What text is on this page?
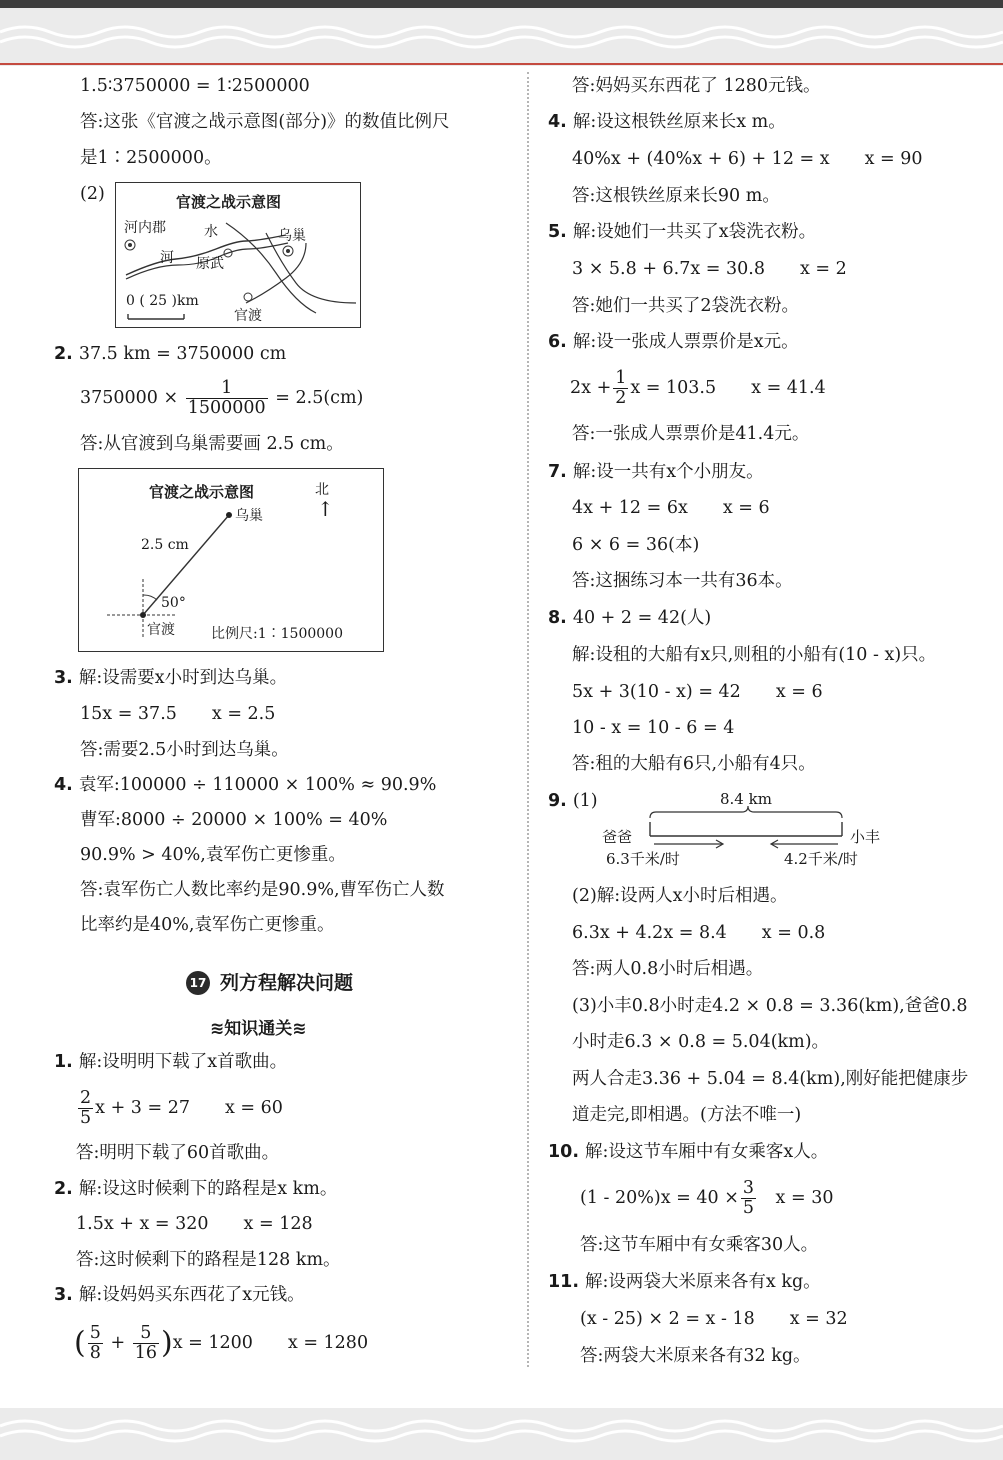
1.5∶3750000 = 1∶2500000
答:这张《官渡之战示意图(部分)》的数值比例尺
是1∶2500000。
(2)	官渡之战示意图
河内郡	水
河
乌巢
原武
官渡
0 ( 25 )km
2. 37.5 km = 3750000 cm
$3750000 \times \frac{1}{1500000} = 2.5(cm)$
答:从官渡到乌巢需要画 2.5 cm。
官渡之战示意图	北
↑
乌巢
2.5 cm
50°
官渡	比例尺:1∶1500000
3. 解:设需要x小时到达乌巢。
15x = 37.5　　x = 2.5
答:需要2.5小时到达乌巢。
4. 袁军:100000 ÷ 110000 × 100% ≈ 90.9%
曹军:8000 ÷ 20000 × 100% = 40%
90.9% > 40%,袁军伤亡更惨重。
答:袁军伤亡人数比率约是90.9%,曹军伤亡人数
比率约是40%,袁军伤亡更惨重。
17 列方程解决问题
≋知识通关≋
1. 解:设明明下载了x首歌曲。
$\frac{2}{5}$ x + 3 = 27　　x = 60
答:明明下载了60首歌曲。
2. 解:设这时候剩下的路程是x km。
1.5x + x = 320　　x = 128
答:这时候剩下的路程是128 km。
3. 解:设妈妈买东西花了x元钱。
( $\frac{5}{8} + \frac{5}{16} )x = 1200$　　x = 1280
答:妈妈买东西花了 1280元钱。
4. 解:设这根铁丝原来长x m。
40%x + (40%x + 6) + 12 = x　　x = 90
答:这根铁丝原来长90 m。
5. 解:设她们一共买了x袋洗衣粉。
3 × 5.8 + 6.7x = 30.8　　x = 2
答:她们一共买了2袋洗衣粉。
6. 解:设一张成人票票价是x元。
$2x + \frac{1}{2}$ x = 103.5　　x = 41.4
答:一张成人票票价是41.4元。
7. 解:设一共有x个小朋友。
4x + 12 = 6x　　x = 6
6 × 6 = 36(本)
答:这捆练习本一共有36本。
8. 40 + 2 = 42(人)
解:设租的大船有x只,则租的小船有(10 - x)只。
5x + 3(10 - x) = 42　　x = 6
10 - x = 10 - 6 = 4
答:租的大船有6只,小船有4只。
9. (1)	8.4 km
爸爸	小丰
6.3千米/时	4.2千米/时
(2)解:设两人x小时后相遇。
6.3x + 4.2x = 8.4　　x = 0.8
答:两人0.8小时后相遇。
(3)小丰0.8小时走4.2 × 0.8 = 3.36(km),爸爸0.8
小时走6.3 × 0.8 = 5.04(km)。
两人合走3.36 + 5.04 = 8.4(km),刚好能把健康步
道走完,即相遇。(方法不唯一)
10. 解:设这节车厢中有女乘客x人。
$(1 - 20\%)x = 40 \times \frac{3}{5}$
　 x = 30
答:这节车厢中有女乘客30人。
11. 解:设两袋大米原来各有x kg。
(x - 25) × 2 = x - 18　　x = 32
答:两袋大米原来各有32 kg。
